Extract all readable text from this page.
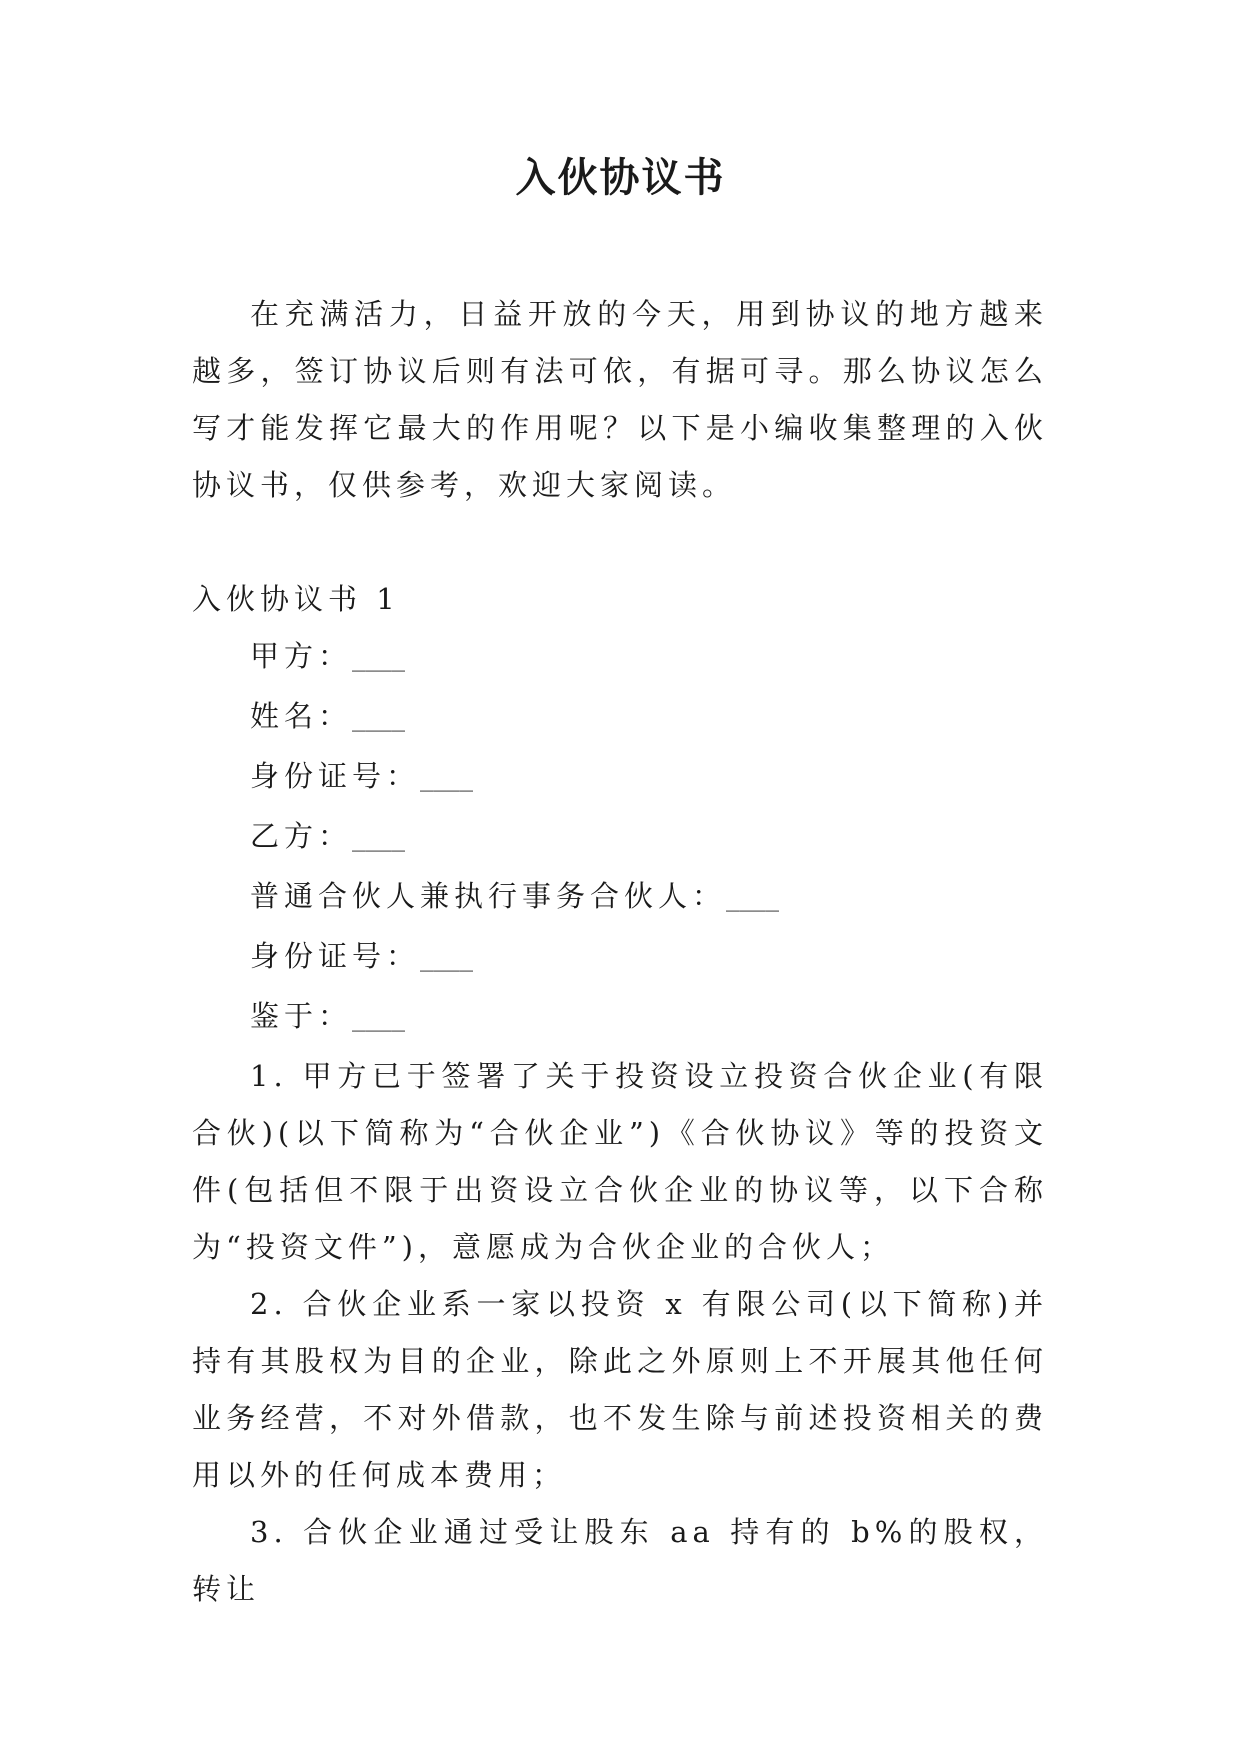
入伙协议书

在充满活力，日益开放的今天，用到协议的地方越来越多，签订协议后则有法可依，有据可寻。那么协议怎么写才能发挥它最大的作用呢？以下是小编收集整理的入伙协议书，仅供参考，欢迎大家阅读。

入伙协议书 1

甲方：____

姓名：____

身份证号：____

乙方：____

普通合伙人兼执行事务合伙人：____

身份证号：____

鉴于：____

1. 甲方已于签署了关于投资设立投资合伙企业(有限合伙)(以下简称为“合伙企业”)《合伙协议》等的投资文件(包括但不限于出资设立合伙企业的协议等，以下合称为“投资文件”)，意愿成为合伙企业的合伙人；

2. 合伙企业系一家以投资 x 有限公司(以下简称)并持有其股权为目的企业，除此之外原则上不开展其他任何业务经营，不对外借款，也不发生除与前述投资相关的费用以外的任何成本费用；

3. 合伙企业通过受让股东 aa 持有的 b%的股权，转让
